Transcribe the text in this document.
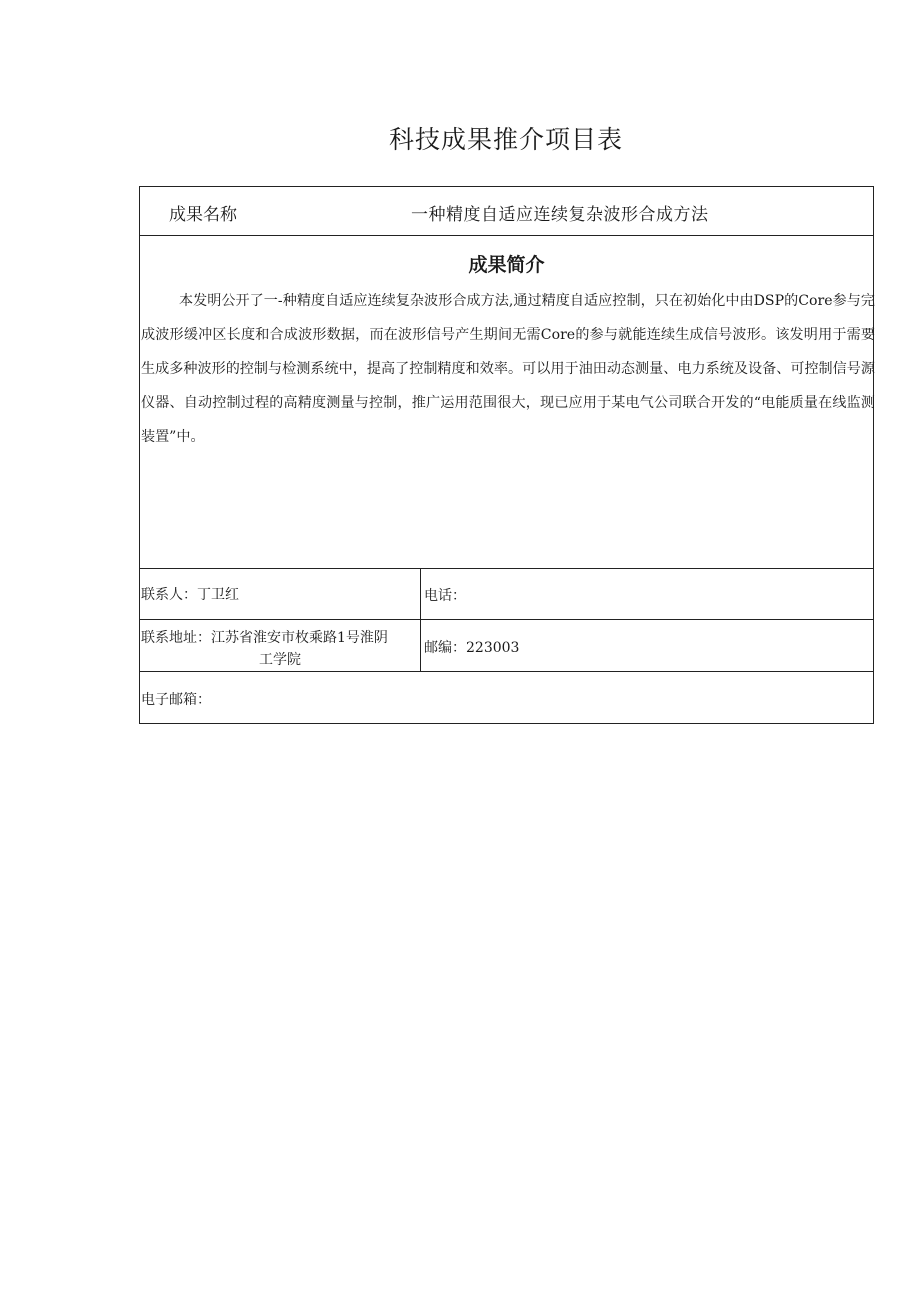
科技成果推介项目表
成果名称	一种精度自适应连续复杂波形合成方法
成果简介

本发明公开了一-种精度自适应连续复杂波形合成方法,通过精度自适应控制，只在初始化中由DSP的Core参与完成波形缓冲区长度和合成波形数据，而在波形信号产生期间无需Core的参与就能连续生成信号波形。该发明用于需要生成多种波形的控制与检测系统中，提高了控制精度和效率。可以用于油田动态测量、电力系统及设备、可控制信号源仪器、自动控制过程的高精度测量与控制，推广运用范围很大，现已应用于某电气公司联合开发的“电能质量在线监测装置”中。

联系人：丁卫红	电话：
联系地址：江苏省淮安市枚乘路1号淮阴
工学院
邮编：223003
电子邮箱：
